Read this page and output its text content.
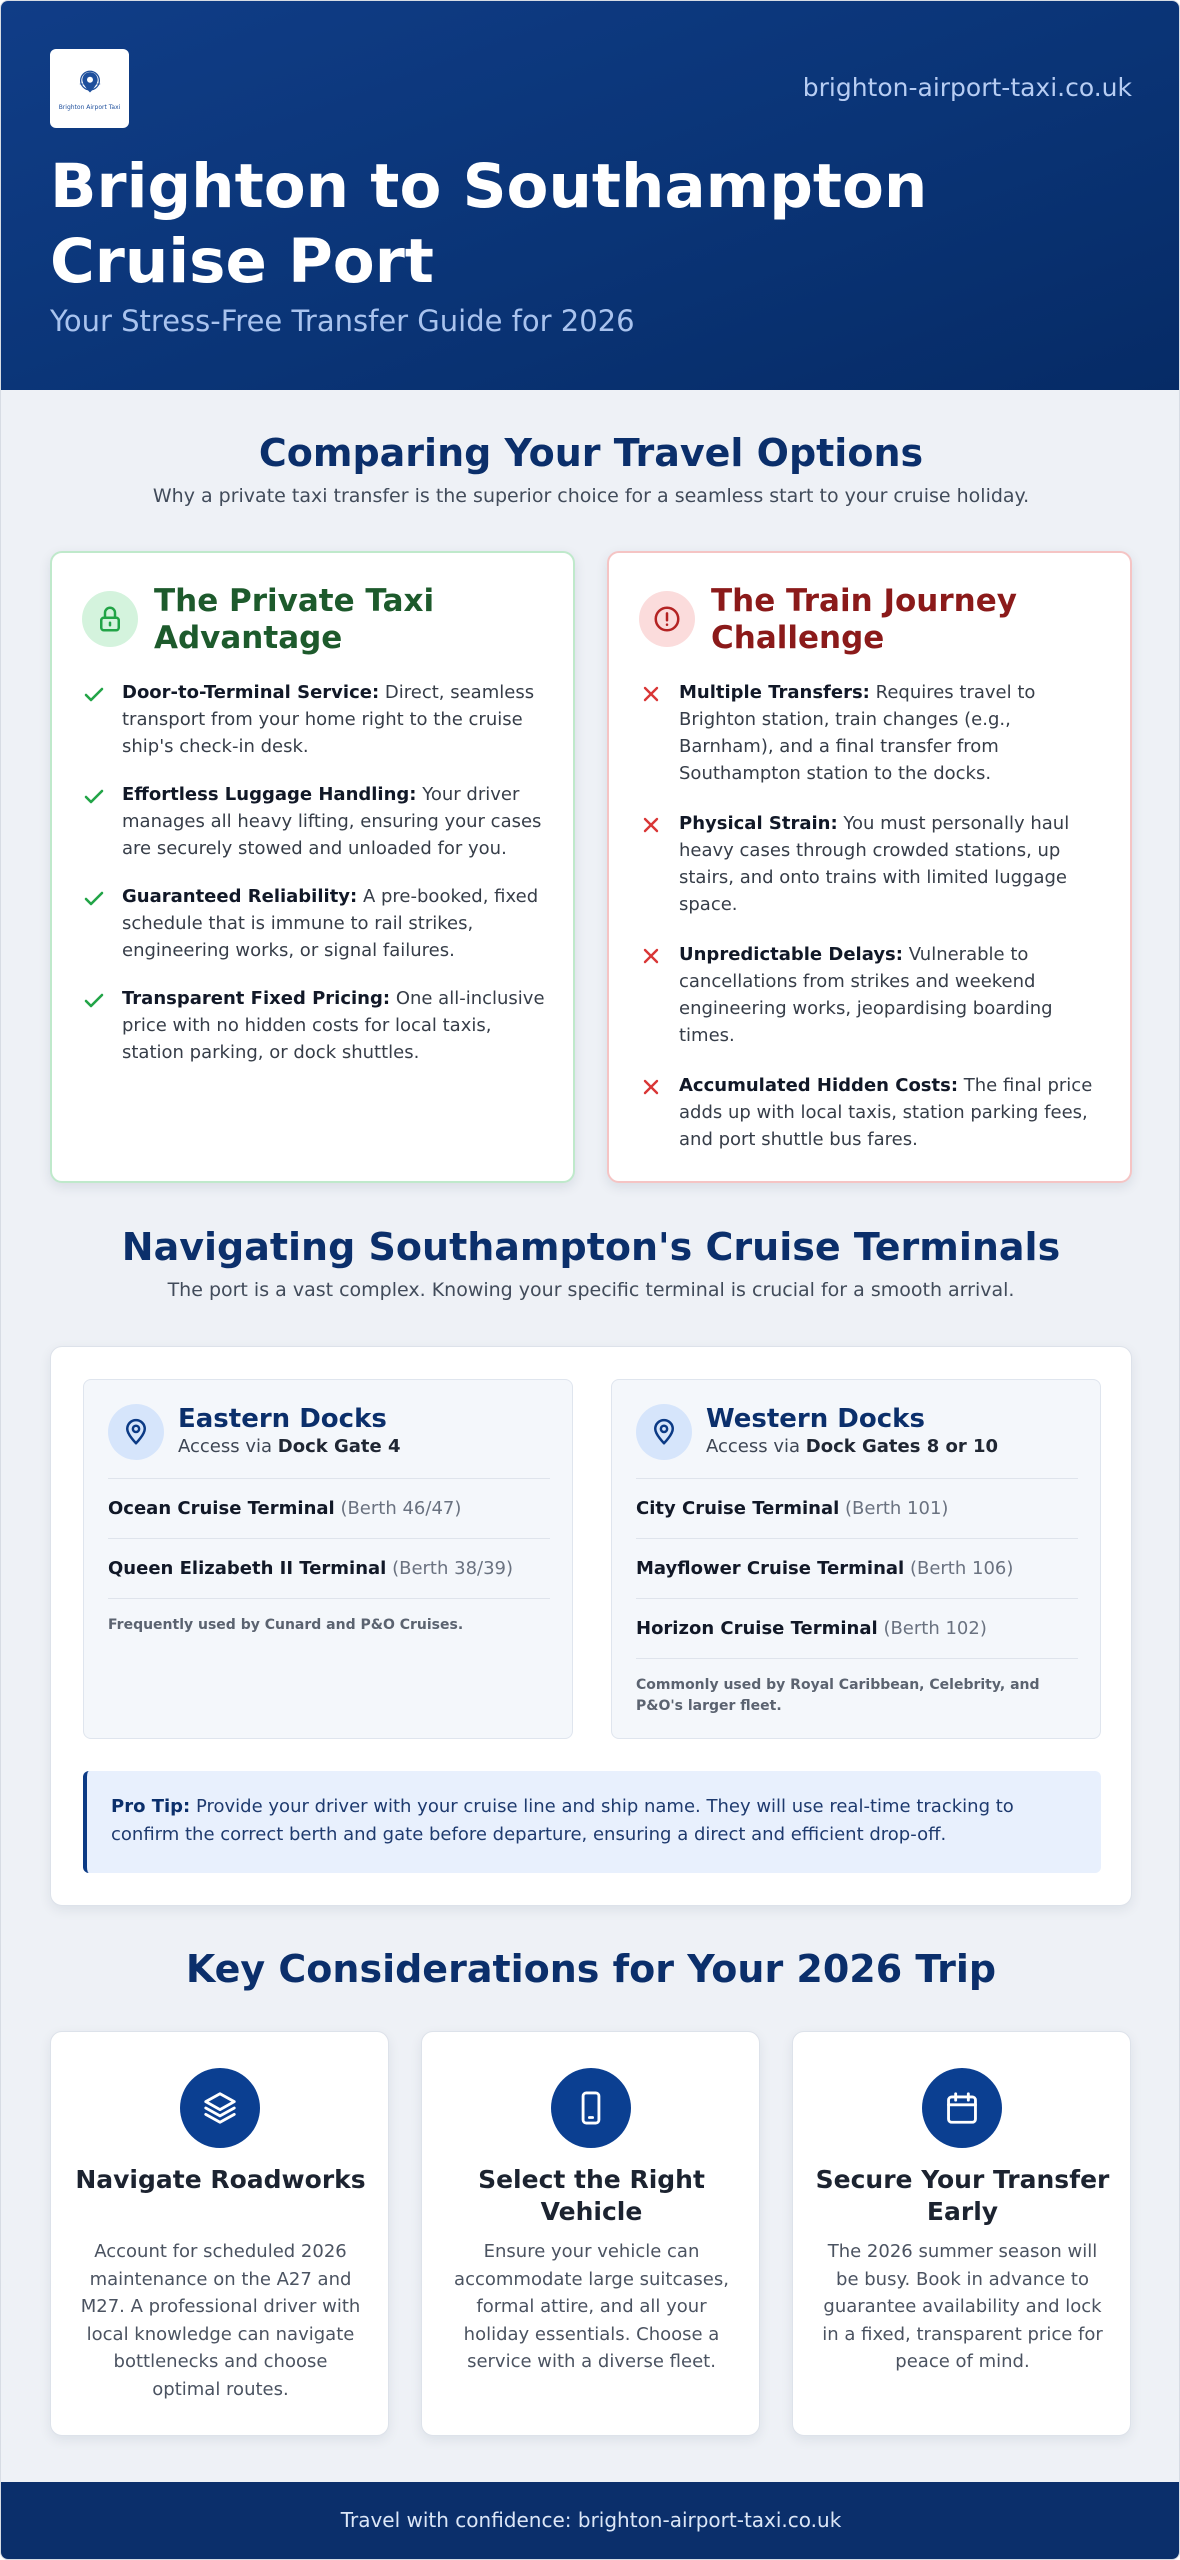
Brighton Airport Taxi
brighton-airport-taxi.co.uk
Brighton to Southampton Cruise Port
Your Stress-Free Transfer Guide for 2026
Comparing Your Travel Options
Why a private taxi transfer is the superior choice for a seamless start to your cruise holiday.
The Private Taxi Advantage
Door-to-Terminal Service: Direct, seamless transport from your home right to the cruise ship's check-in desk.
Effortless Luggage Handling: Your driver manages all heavy lifting, ensuring your cases are securely stowed and unloaded for you.
Guaranteed Reliability: A pre-booked, fixed schedule that is immune to rail strikes, engineering works, or signal failures.
Transparent Fixed Pricing: One all-inclusive price with no hidden costs for local taxis, station parking, or dock shuttles.
The Train Journey Challenge
Multiple Transfers: Requires travel to Brighton station, train changes (e.g., Barnham), and a final transfer from Southampton station to the docks.
Physical Strain: You must personally haul heavy cases through crowded stations, up stairs, and onto trains with limited luggage space.
Unpredictable Delays: Vulnerable to cancellations from strikes and weekend engineering works, jeopardising boarding times.
Accumulated Hidden Costs: The final price adds up with local taxis, station parking fees, and port shuttle bus fares.
Navigating Southampton's Cruise Terminals
The port is a vast complex. Knowing your specific terminal is crucial for a smooth arrival.
Eastern Docks
Access via Dock Gate 4
Ocean Cruise Terminal (Berth 46/47)
Queen Elizabeth II Terminal (Berth 38/39)
Frequently used by Cunard and P&O Cruises.
Western Docks
Access via Dock Gates 8 or 10
City Cruise Terminal (Berth 101)
Mayflower Cruise Terminal (Berth 106)
Horizon Cruise Terminal (Berth 102)
Commonly used by Royal Caribbean, Celebrity, and P&O's larger fleet.
Pro Tip: Provide your driver with your cruise line and ship name. They will use real-time tracking to confirm the correct berth and gate before departure, ensuring a direct and efficient drop-off.
Key Considerations for Your 2026 Trip
Navigate Roadworks
Account for scheduled 2026 maintenance on the A27 and M27. A professional driver with local knowledge can navigate bottlenecks and choose optimal routes.
Select the Right Vehicle
Ensure your vehicle can accommodate large suitcases, formal attire, and all your holiday essentials. Choose a service with a diverse fleet.
Secure Your Transfer Early
The 2026 summer season will be busy. Book in advance to guarantee availability and lock in a fixed, transparent price for peace of mind.
Travel with confidence: brighton-airport-taxi.co.uk
